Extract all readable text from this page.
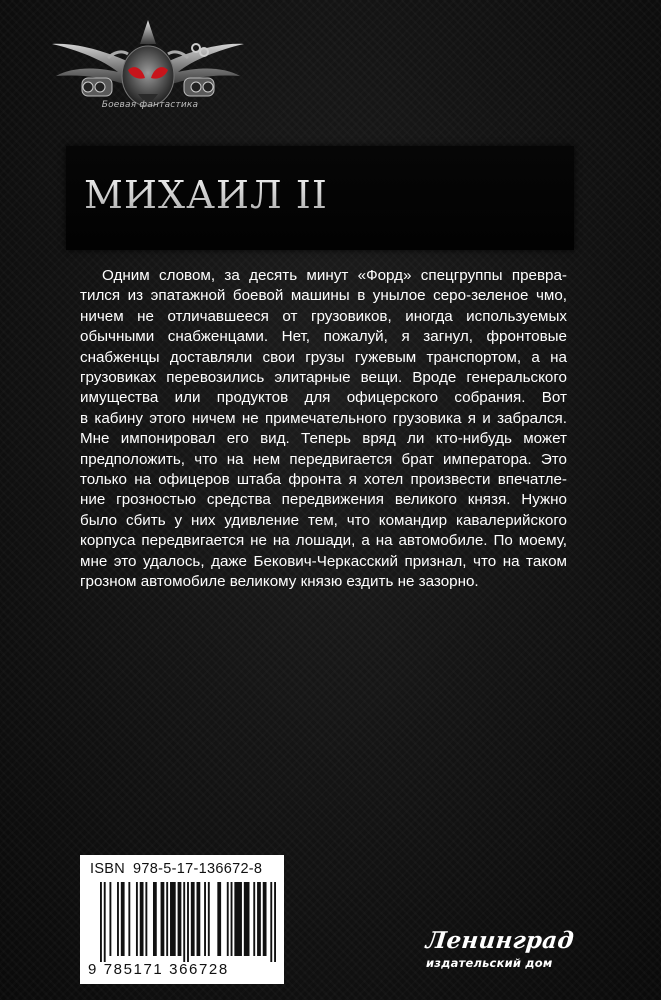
Боевая фантастика
МИХАИЛ II
Одним словом, за десять минут «Форд» спецгруппы превра-
тился из эпатажной боевой машины в унылое серо-зеленое чмо,
ничем не отличавшееся от грузовиков, иногда используемых
обычными снабженцами. Нет, пожалуй, я загнул, фронтовые
снабженцы доставляли свои грузы гужевым транспортом, а на
грузовиках перевозились элитарные вещи. Вроде генеральского
имущества или продуктов для офицерского собрания. Вот
в кабину этого ничем не примечательного грузовика я и забрался.
Мне импонировал его вид. Теперь вряд ли кто-нибудь может
предположить, что на нем передвигается брат императора. Это
только на офицеров штаба фронта я хотел произвести впечатле-
ние грозностью средства передвижения великого князя. Нужно
было сбить у них удивление тем, что командир кавалерийского
корпуса передвигается не на лошади, а на автомобиле. По моему,
мне это удалось, даже Бекович-Черкасский признал, что на таком
грозном автомобиле великому князю ездить не зазорно.
ISBN 978-5-17-136672-8
9 785171 366728
Ленинград
издательский дом
